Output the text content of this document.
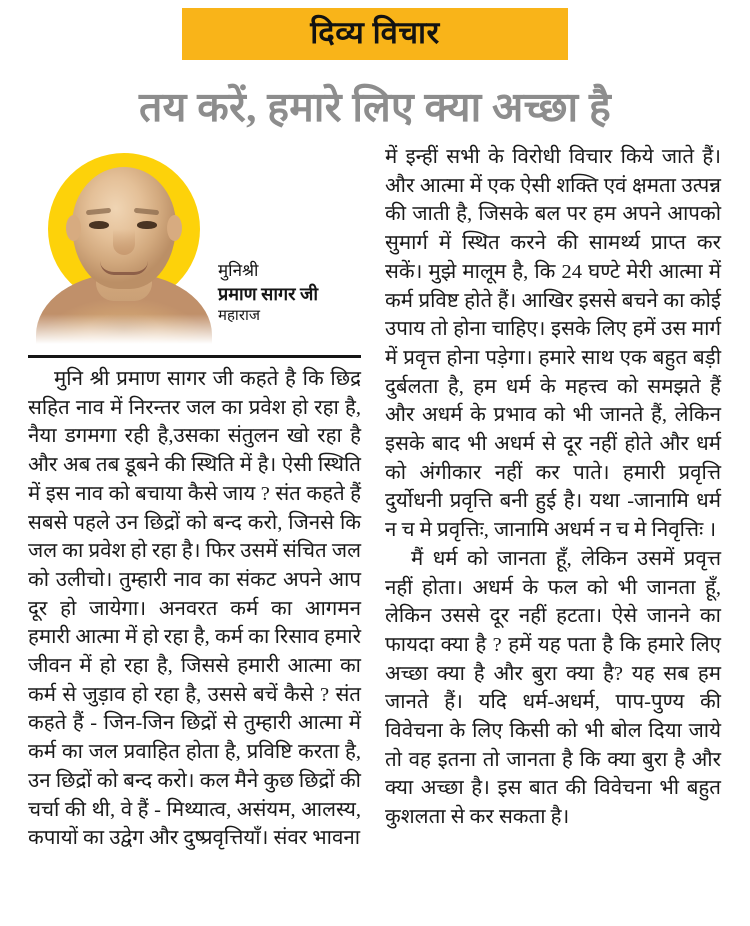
दिव्य विचार
तय करें, हमारे लिए क्या अच्छा है
मुनिश्री
प्रमाण सागर जी
महाराज

मुनि श्री प्रमाण सागर जी कहते है कि छिद्र सहित नाव में निरन्तर जल का प्रवेश हो रहा है, नैया डगमगा रही है,उसका संतुलन खो रहा है और अब तब डूबने की स्थिति में है। ऐसी स्थिति में इस नाव को बचाया कैसे जाय ? संत कहते हैं सबसे पहले उन छिद्रों को बन्द करो, जिनसे कि जल का प्रवेश हो रहा है। फिर उसमें संचित जल को उलीचो। तुम्हारी नाव का संकट अपने आप दूर हो जायेगा। अनवरत कर्म का आगमन हमारी आत्मा में हो रहा है, कर्म का रिसाव हमारे जीवन में हो रहा है, जिससे हमारी आत्मा का कर्म से जुड़ाव हो रहा है, उससे बचें कैसे ? संत कहते हैं - जिन-जिन छिद्रों से तुम्हारी आत्मा में कर्म का जल प्रवाहित होता है, प्रविष्टि करता है, उन छिद्रों को बन्द करो। कल मैने कुछ छिद्रों की चर्चा की थी, वे हैं - मिथ्यात्व, असंयम, आलस्य, कपायों का उद्वेग और दुष्प्रवृत्तियाँ। संवर भावना

में इन्हीं सभी के विरोधी विचार किये जाते हैं। और आत्मा में एक ऐसी शक्ति एवं क्षमता उत्पन्न की जाती है, जिसके बल पर हम अपने आपको सुमार्ग में स्थित करने की सामर्थ्य प्राप्त कर सकें। मुझे मालूम है, कि 24 घण्टे मेरी आत्मा में कर्म प्रविष्ट होते हैं। आखिर इससे बचने का कोई उपाय तो होना चाहिए। इसके लिए हमें उस मार्ग में प्रवृत्त होना पड़ेगा। हमारे साथ एक बहुत बड़ी दुर्बलता है, हम धर्म के महत्त्व को समझते हैं और अधर्म के प्रभाव को भी जानते हैं, लेकिन इसके बाद भी अधर्म से दूर नहीं होते और धर्म को अंगीकार नहीं कर पाते। हमारी प्रवृत्ति दुर्योधनी प्रवृत्ति बनी हुई है। यथा -जानामि धर्म न च मे प्रवृत्तिः, जानामि अधर्म न च मे निवृत्तिः ।

मैं धर्म को जानता हूँ, लेकिन उसमें प्रवृत्त नहीं होता। अधर्म के फल को भी जानता हूँ, लेकिन उससे दूर नहीं हटता। ऐसे जानने का फायदा क्या है ? हमें यह पता है कि हमारे लिए अच्छा क्या है और बुरा क्या है? यह सब हम जानते हैं। यदि धर्म-अधर्म, पाप-पुण्य की विवेचना के लिए किसी को भी बोल दिया जाये तो वह इतना तो जानता है कि क्या बुरा है और क्या अच्छा है। इस बात की विवेचना भी बहुत कुशलता से कर सकता है।
